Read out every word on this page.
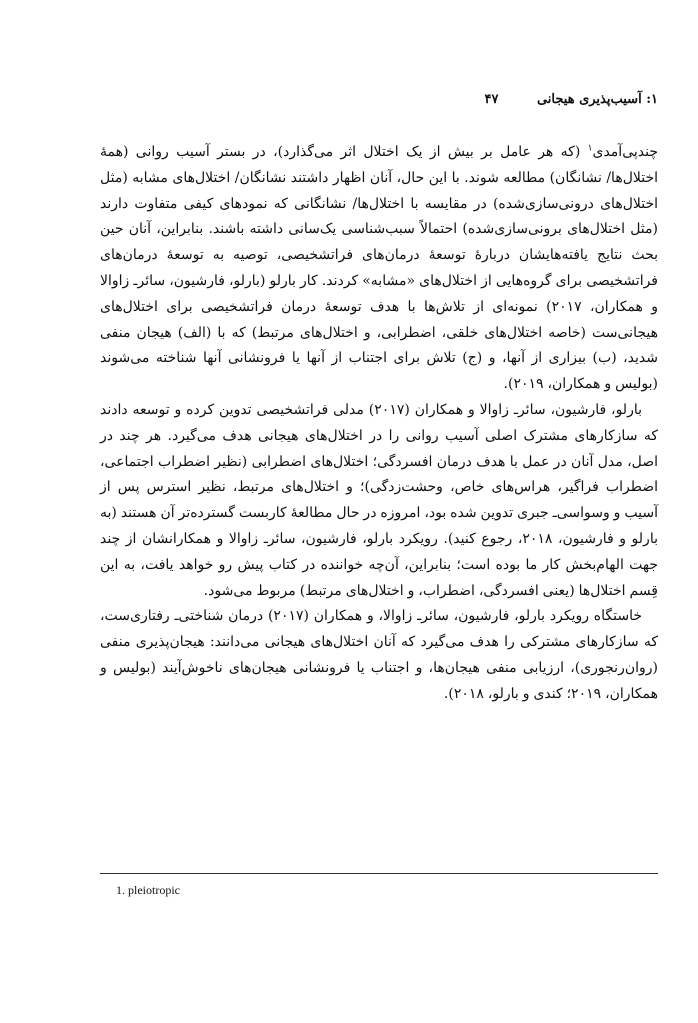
۱: آسیب‌پذیری هیجانی ۴۷

چندپی‌آمدی$^۱$ (که هر عامل بر بیش از یک اختلال اثر می‌گذارد)، در بستر آسیب روانی (همهٔ اختلال‌ها/ نشانگان) مطالعه شوند. با این حال، آنان اظهار داشتند نشانگان/ اختلال‌های مشابه (مثل اختلال‌های درونی‌سازی‌شده) در مقایسه با اختلال‌ها/ نشانگانی که نمودهای کیفی متفاوت دارند (مثل اختلال‌های برونی‌سازی‌شده) احتمالاً سبب‌شناسی یک‌سانی داشته باشند. بنابراین، آنان حین بحث نتایج یافته‌هایشان دربارهٔ توسعهٔ درمان‌های فراتشخیصی، توصیه به توسعهٔ درمان‌های فراتشخیصی برای گروه‌هایی از اختلال‌های «مشابه» کردند. کار بارلو (بارلو، فارشیون، سائرـ زاوالا و همکاران، ۲۰۱۷) نمونه‌ای از تلاش‌ها با هدف توسعهٔ درمان فراتشخیصی برای اختلال‌های هیجانی‌ست (خاصه اختلال‌های خلقی، اضطرابی، و اختلال‌های مرتبط) که با (الف) هیجان منفی شدید، (ب) بیزاری از آنها، و (ج) تلاش برای اجتناب از آنها یا فرونشانی آنها شناخته می‌شوند (بولیس و همکاران، ۲۰۱۹).

بارلو، فارشیون، سائرـ زاوالا و همکاران (۲۰۱۷) مدلی فراتشخیصی تدوین کرده و توسعه دادند که سازکارهای مشترک اصلی آسیب روانی را در اختلال‌های هیجانی هدف می‌گیرد. هر چند در اصل، مدل آنان در عمل با هدف درمان افسردگی؛ اختلال‌های اضطرابی (نظیر اضطراب اجتماعی، اضطراب فراگیر، هراس‌های خاص، وحشت‌زدگی)؛ و اختلال‌های مرتبط، نظیر استرس پس از آسیب و وسواسی‌ـ جبری تدوین شده بود، امروزه در حال مطالعهٔ کاربست گسترده‌تر آن هستند (به بارلو و فارشیون، ۲۰۱۸، رجوع کنید). رویکرد بارلو، فارشیون، سائرـ زاوالا و همکارانشان از چند جهت الهام‌بخش کار ما بوده است؛ بنابراین، آن‌چه خواننده در کتاب پیش رو خواهد یافت، به این قِسم اختلال‌ها (یعنی افسردگی، اضطراب، و اختلال‌های مرتبط) مربوط می‌شود.

خاستگاه رویکرد بارلو، فارشیون، سائرـ زاوالا، و همکاران (۲۰۱۷) درمان شناختی‌ـ رفتاری‌ست، که سازکارهای مشترکی را هدف می‌گیرد که آنان اختلال‌های هیجانی می‌دانند: هیجان‌پذیری منفی (روان‌رنجوری)، ارزیابی منفی هیجان‌ها، و اجتناب یا فرونشانی هیجان‌های ناخوش‌آیند (بولیس و همکاران، ۲۰۱۹؛ کندی و بارلو، ۲۰۱۸).

1. pleiotropic
